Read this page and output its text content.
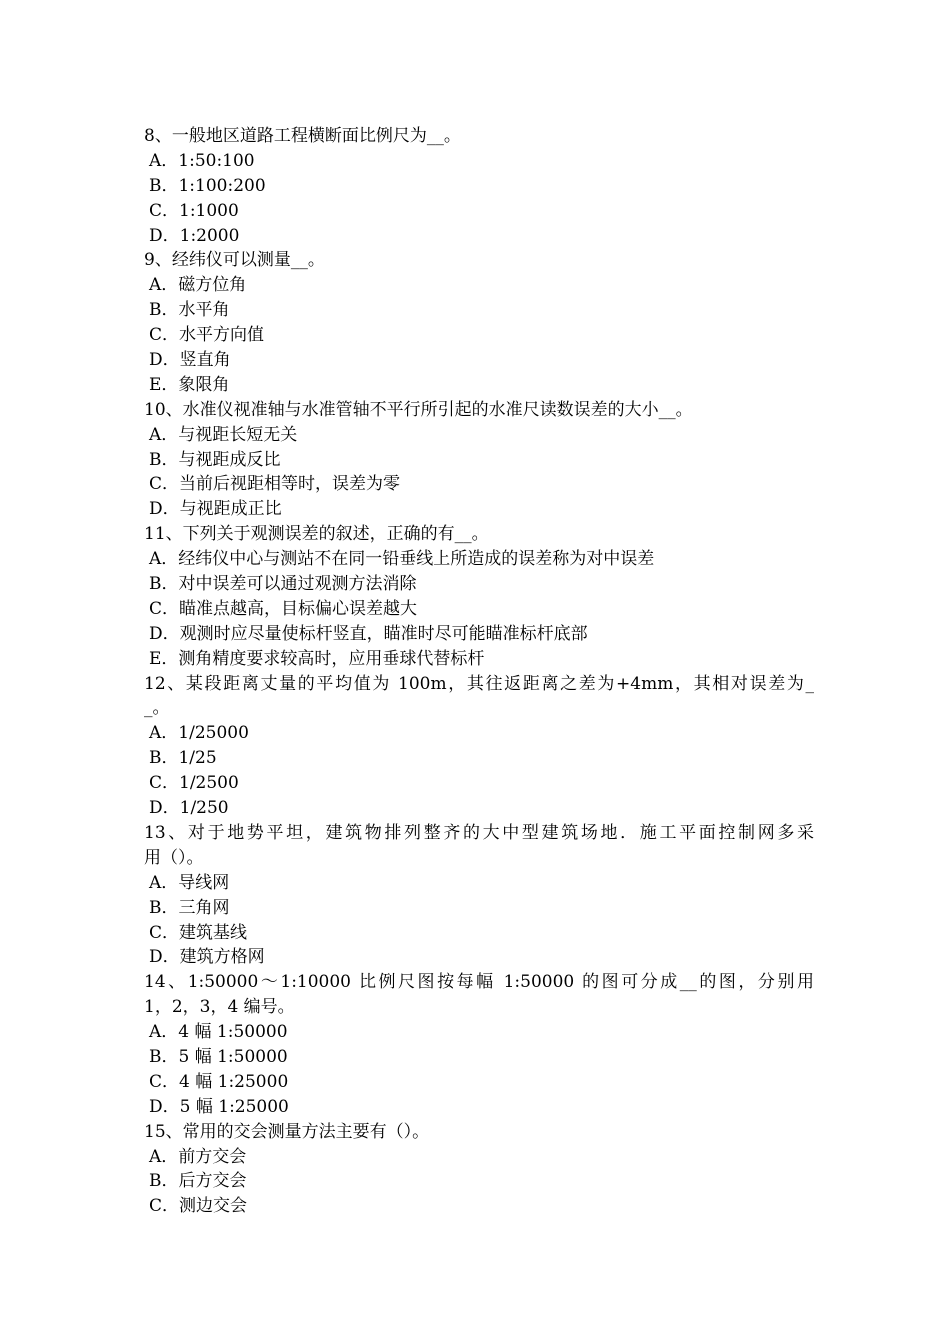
8、一般地区道路工程横断面比例尺为__。
A．1:50:100
B．1:100:200
C．1:1000
D．1:2000
9、经纬仪可以测量__。
A．磁方位角
B．水平角
C．水平方向值
D．竖直角
E．象限角
10、水准仪视准轴与水准管轴不平行所引起的水准尺读数误差的大小__。
A．与视距长短无关
B．与视距成反比
C．当前后视距相等时，误差为零
D．与视距成正比
11、下列关于观测误差的叙述，正确的有__。
A．经纬仪中心与测站不在同一铅垂线上所造成的误差称为对中误差
B．对中误差可以通过观测方法消除
C．瞄准点越高，目标偏心误差越大
D．观测时应尽量使标杆竖直，瞄准时尽可能瞄准标杆底部
E．测角精度要求较高时，应用垂球代替标杆
12、某段距离丈量的平均值为 100m，其往返距离之差为+4mm，其相对误差为_
_。
A．1/25000
B．1/25
C．1/2500
D．1/250
13、对于地势平坦，建筑物排列整齐的大中型建筑场地．施工平面控制网多采
用（）。
A．导线网
B．三角网
C．建筑基线
D．建筑方格网
14、1:50000～1:10000 比例尺图按每幅 1:50000 的图可分成__的图，分别用
1，2，3，4 编号。
A．4 幅 1:50000
B．5 幅 1:50000
C．4 幅 1:25000
D．5 幅 1:25000
15、常用的交会测量方法主要有（）。
A．前方交会
B．后方交会
C．测边交会
